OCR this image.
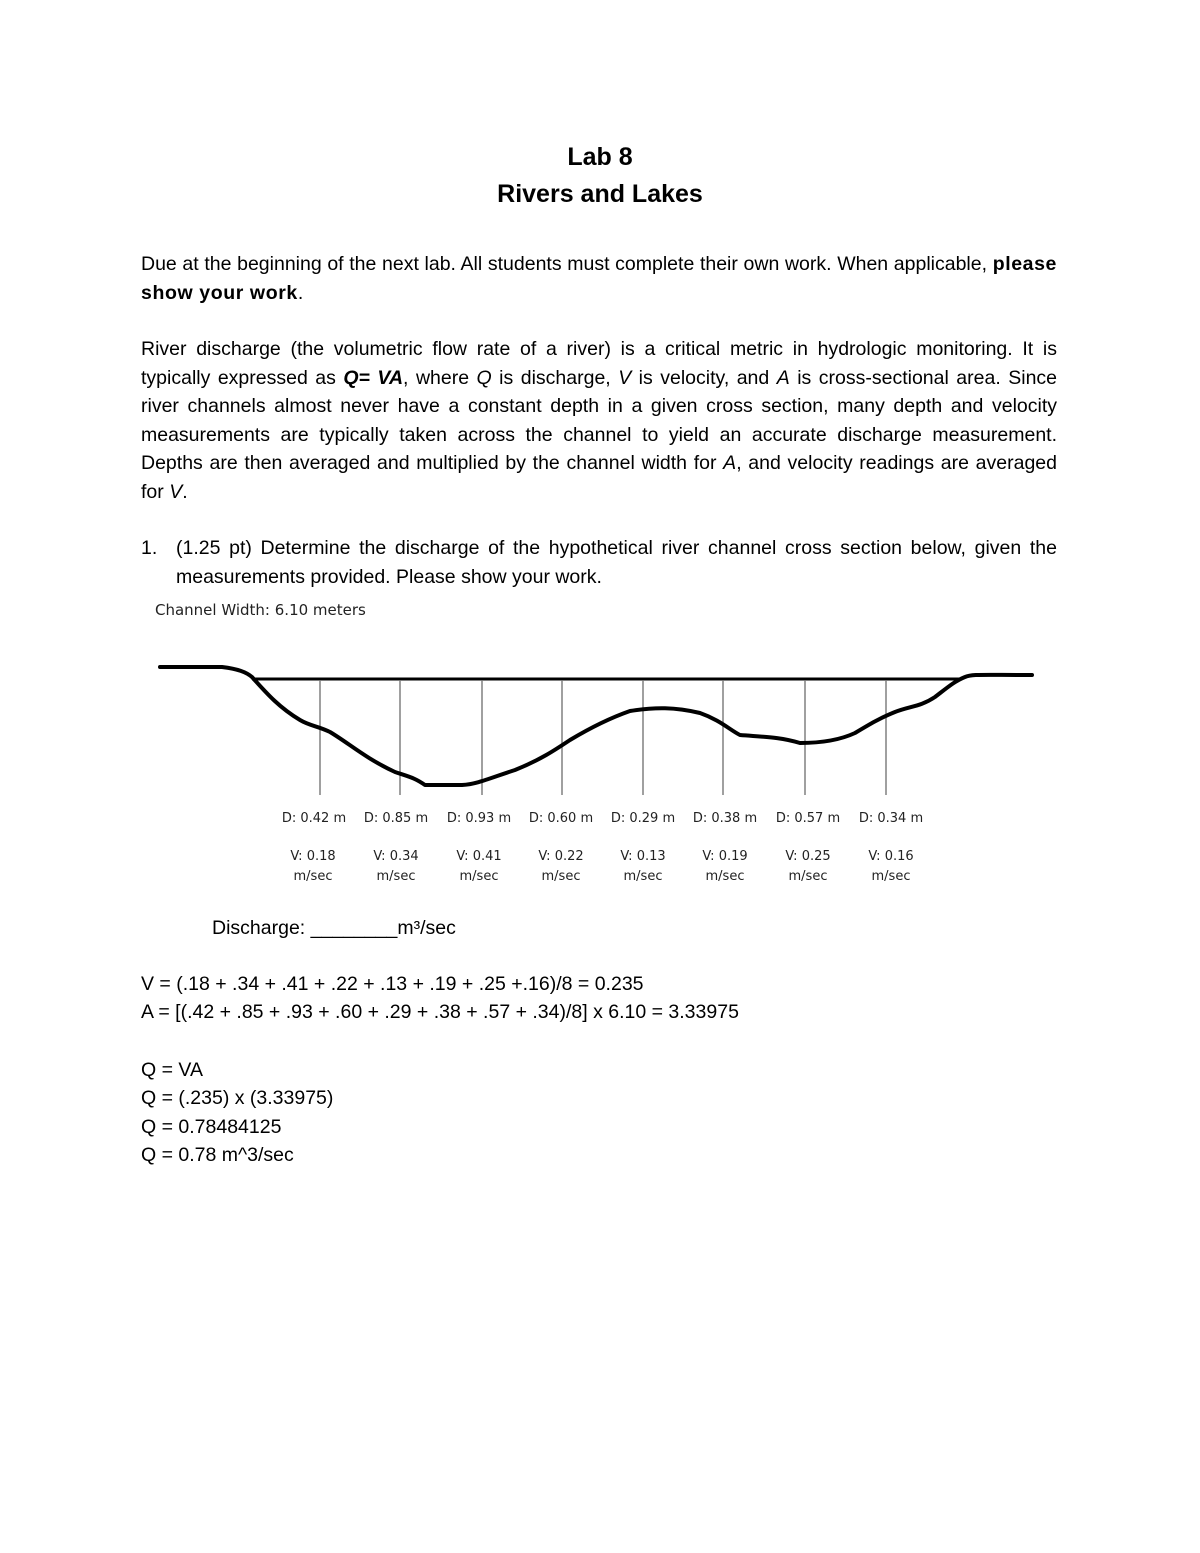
Lab 8
Rivers and Lakes
Due at the beginning of the next lab. All students must complete their own work. When applicable, please show your work.
River discharge (the volumetric flow rate of a river) is a critical metric in hydrologic monitoring. It is typically expressed as Q= VA, where Q is discharge, V is velocity, and A is cross-sectional area. Since river channels almost never have a constant depth in a given cross section, many depth and velocity measurements are typically taken across the channel to yield an accurate discharge measurement. Depths are then averaged and multiplied by the channel width for A, and velocity readings are averaged for V.
1. (1.25 pt) Determine the discharge of the hypothetical river channel cross section below, given the measurements provided. Please show your work.
Channel Width: 6.10 meters
D: 0.42 m
V: 0.18
m/sec
D: 0.85 m
V: 0.34
m/sec
D: 0.93 m
V: 0.41
m/sec
D: 0.60 m
V: 0.22
m/sec
D: 0.29 m
V: 0.13
m/sec
D: 0.38 m
V: 0.19
m/sec
D: 0.57 m
V: 0.25
m/sec
D: 0.34 m
V: 0.16
m/sec
Discharge: ________m³/sec
V = (.18 + .34 + .41 + .22 + .13 + .19 + .25 +.16)/8 = 0.235
A = [(.42 + .85 + .93 + .60 + .29 + .38 + .57 + .34)/8] x 6.10 = 3.33975
Q = VA
Q = (.235) x (3.33975)
Q = 0.78484125
Q = 0.78 m^3/sec
